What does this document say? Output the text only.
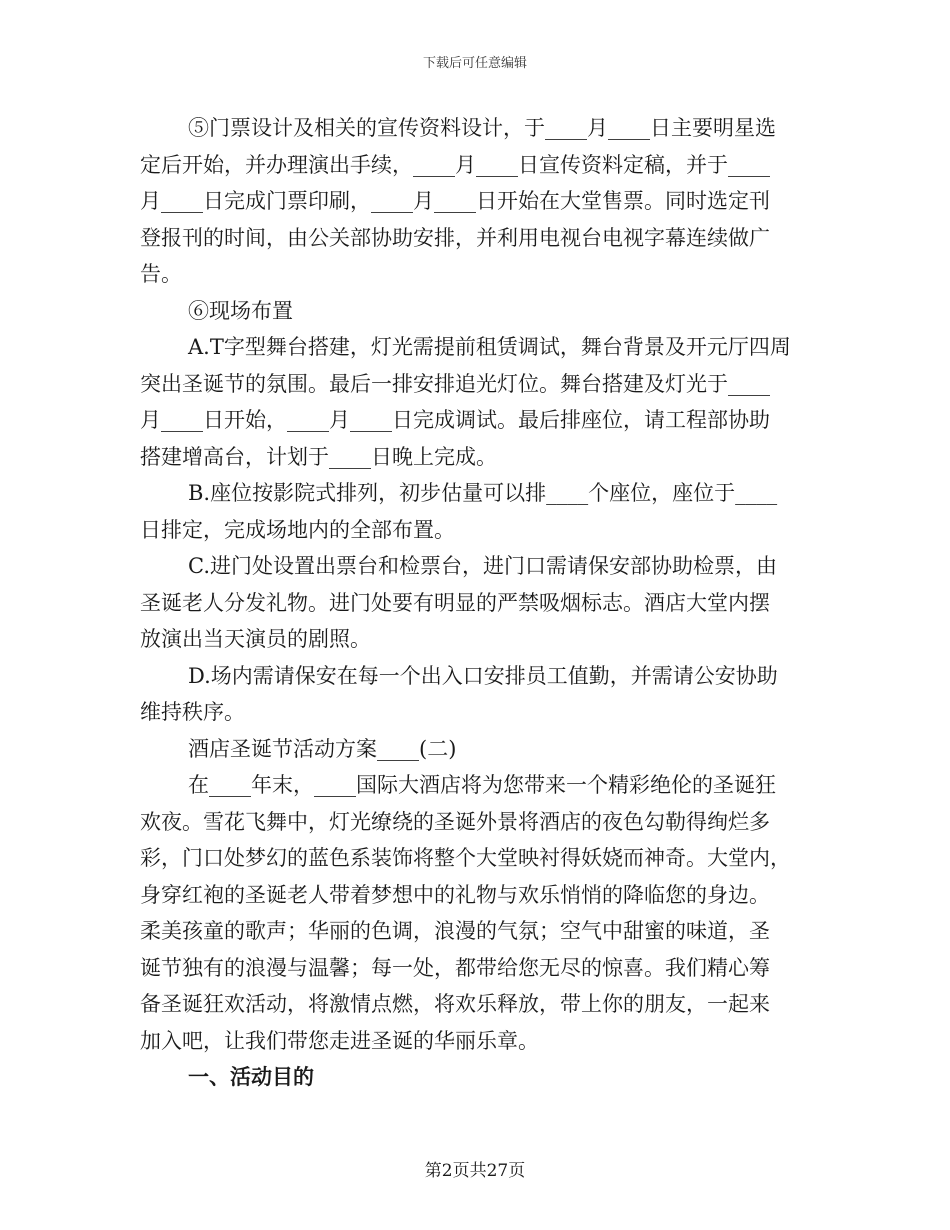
下载后可任意编辑
⑤门票设计及相关的宣传资料设计，于____月____日主要明星选
定后开始，并办理演出手续，____月____日宣传资料定稿，并于____
月____日完成门票印刷，____月____日开始在大堂售票。同时选定刊
登报刊的时间，由公关部协助安排，并利用电视台电视字幕连续做广
告。
⑥现场布置
A.T字型舞台搭建，灯光需提前租赁调试，舞台背景及开元厅四周
突出圣诞节的氛围。最后一排安排追光灯位。舞台搭建及灯光于____
月____日开始，____月____日完成调试。最后排座位，请工程部协助
搭建增高台，计划于____日晚上完成。
B.座位按影院式排列，初步估量可以排____个座位，座位于____
日排定，完成场地内的全部布置。
C.进门处设置出票台和检票台，进门口需请保安部协助检票，由
圣诞老人分发礼物。进门处要有明显的严禁吸烟标志。酒店大堂内摆
放演出当天演员的剧照。
D.场内需请保安在每一个出入口安排员工值勤，并需请公安协助
维持秩序。
酒店圣诞节活动方案____(二)
在____年末，____国际大酒店将为您带来一个精彩绝伦的圣诞狂
欢夜。雪花飞舞中，灯光缭绕的圣诞外景将酒店的夜色勾勒得绚烂多
彩，门口处梦幻的蓝色系装饰将整个大堂映衬得妖娆而神奇。大堂内，
身穿红袍的圣诞老人带着梦想中的礼物与欢乐悄悄的降临您的身边。
柔美孩童的歌声；华丽的色调，浪漫的气氛；空气中甜蜜的味道，圣
诞节独有的浪漫与温馨；每一处，都带给您无尽的惊喜。我们精心筹
备圣诞狂欢活动，将激情点燃，将欢乐释放，带上你的朋友，一起来
加入吧，让我们带您走进圣诞的华丽乐章。
一、活动目的
第2页共27页
